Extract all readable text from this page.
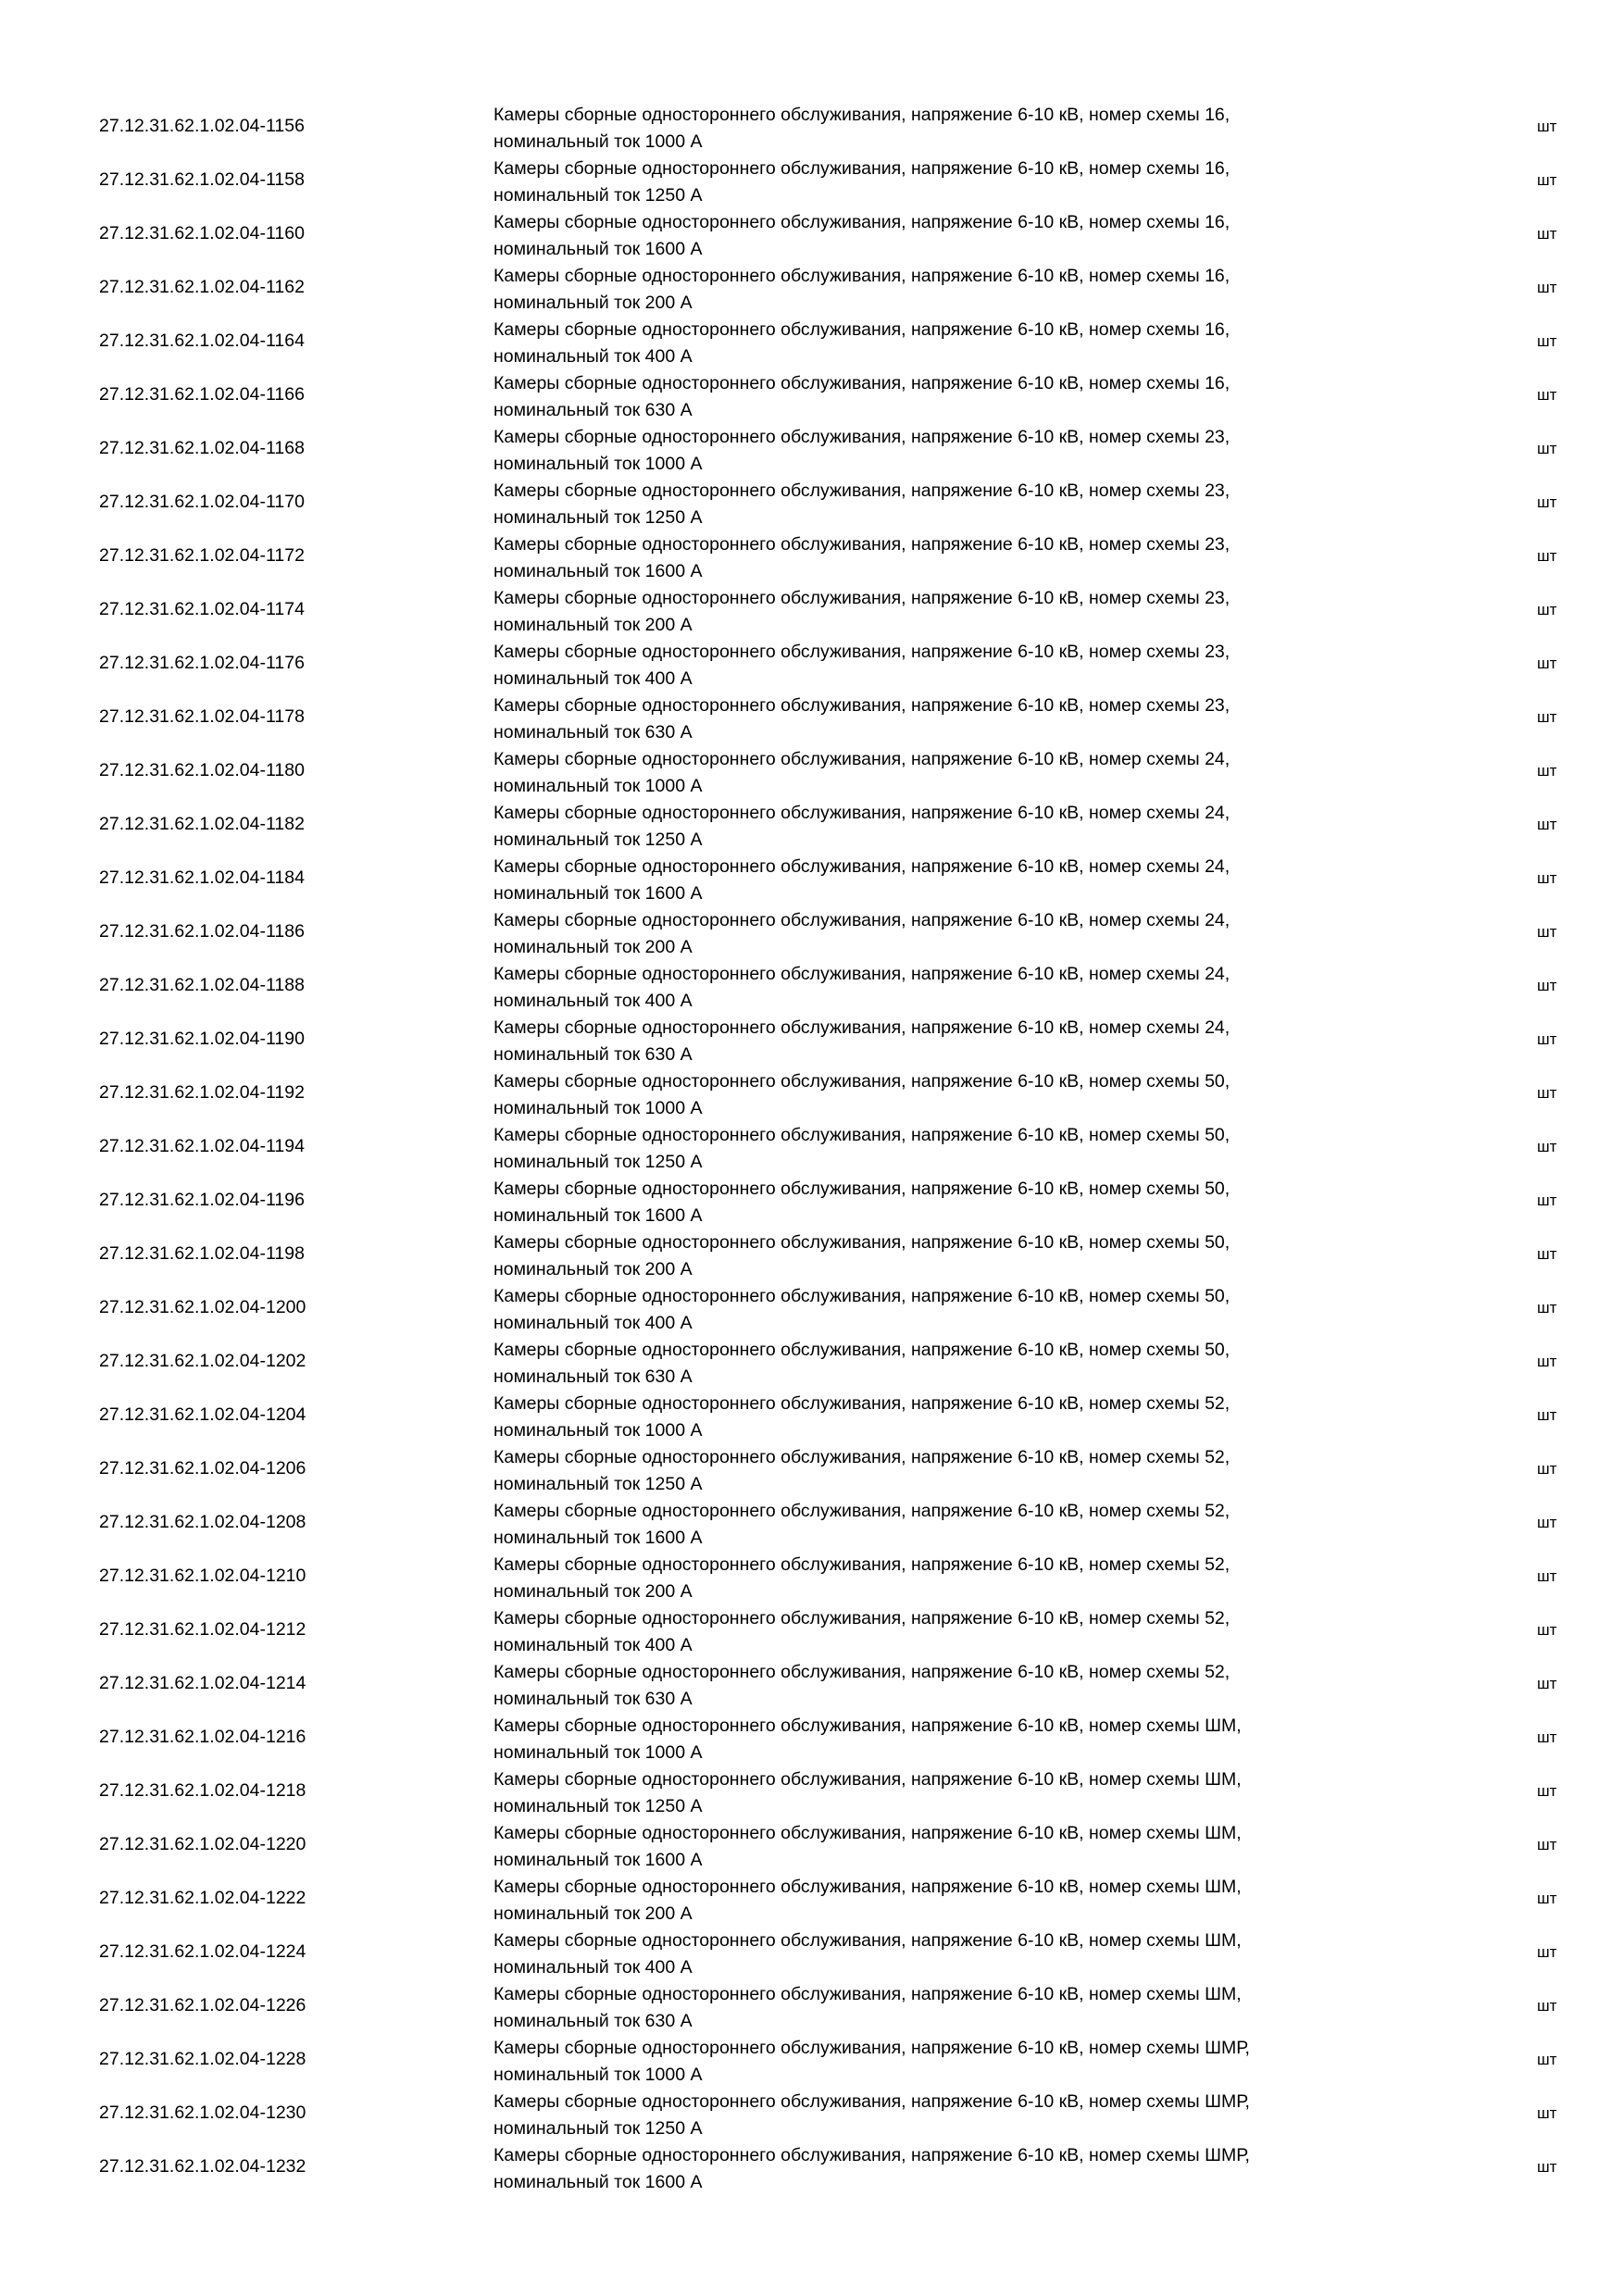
27.12.31.62.1.02.04-1156
Камеры сборные одностороннего обслуживания, напряжение 6-10 кВ, номер схемы 16,
номинальный ток 1000 А
шт
27.12.31.62.1.02.04-1158
Камеры сборные одностороннего обслуживания, напряжение 6-10 кВ, номер схемы 16,
номинальный ток 1250 А
шт
27.12.31.62.1.02.04-1160
Камеры сборные одностороннего обслуживания, напряжение 6-10 кВ, номер схемы 16,
номинальный ток 1600 А
шт
27.12.31.62.1.02.04-1162
Камеры сборные одностороннего обслуживания, напряжение 6-10 кВ, номер схемы 16,
номинальный ток 200 А
шт
27.12.31.62.1.02.04-1164
Камеры сборные одностороннего обслуживания, напряжение 6-10 кВ, номер схемы 16,
номинальный ток 400 А
шт
27.12.31.62.1.02.04-1166
Камеры сборные одностороннего обслуживания, напряжение 6-10 кВ, номер схемы 16,
номинальный ток 630 А
шт
27.12.31.62.1.02.04-1168
Камеры сборные одностороннего обслуживания, напряжение 6-10 кВ, номер схемы 23,
номинальный ток 1000 А
шт
27.12.31.62.1.02.04-1170
Камеры сборные одностороннего обслуживания, напряжение 6-10 кВ, номер схемы 23,
номинальный ток 1250 А
шт
27.12.31.62.1.02.04-1172
Камеры сборные одностороннего обслуживания, напряжение 6-10 кВ, номер схемы 23,
номинальный ток 1600 А
шт
27.12.31.62.1.02.04-1174
Камеры сборные одностороннего обслуживания, напряжение 6-10 кВ, номер схемы 23,
номинальный ток 200 А
шт
27.12.31.62.1.02.04-1176
Камеры сборные одностороннего обслуживания, напряжение 6-10 кВ, номер схемы 23,
номинальный ток 400 А
шт
27.12.31.62.1.02.04-1178
Камеры сборные одностороннего обслуживания, напряжение 6-10 кВ, номер схемы 23,
номинальный ток 630 А
шт
27.12.31.62.1.02.04-1180
Камеры сборные одностороннего обслуживания, напряжение 6-10 кВ, номер схемы 24,
номинальный ток 1000 А
шт
27.12.31.62.1.02.04-1182
Камеры сборные одностороннего обслуживания, напряжение 6-10 кВ, номер схемы 24,
номинальный ток 1250 А
шт
27.12.31.62.1.02.04-1184
Камеры сборные одностороннего обслуживания, напряжение 6-10 кВ, номер схемы 24,
номинальный ток 1600 А
шт
27.12.31.62.1.02.04-1186
Камеры сборные одностороннего обслуживания, напряжение 6-10 кВ, номер схемы 24,
номинальный ток 200 А
шт
27.12.31.62.1.02.04-1188
Камеры сборные одностороннего обслуживания, напряжение 6-10 кВ, номер схемы 24,
номинальный ток 400 А
шт
27.12.31.62.1.02.04-1190
Камеры сборные одностороннего обслуживания, напряжение 6-10 кВ, номер схемы 24,
номинальный ток 630 А
шт
27.12.31.62.1.02.04-1192
Камеры сборные одностороннего обслуживания, напряжение 6-10 кВ, номер схемы 50,
номинальный ток 1000 А
шт
27.12.31.62.1.02.04-1194
Камеры сборные одностороннего обслуживания, напряжение 6-10 кВ, номер схемы 50,
номинальный ток 1250 А
шт
27.12.31.62.1.02.04-1196
Камеры сборные одностороннего обслуживания, напряжение 6-10 кВ, номер схемы 50,
номинальный ток 1600 А
шт
27.12.31.62.1.02.04-1198
Камеры сборные одностороннего обслуживания, напряжение 6-10 кВ, номер схемы 50,
номинальный ток 200 А
шт
27.12.31.62.1.02.04-1200
Камеры сборные одностороннего обслуживания, напряжение 6-10 кВ, номер схемы 50,
номинальный ток 400 А
шт
27.12.31.62.1.02.04-1202
Камеры сборные одностороннего обслуживания, напряжение 6-10 кВ, номер схемы 50,
номинальный ток 630 А
шт
27.12.31.62.1.02.04-1204
Камеры сборные одностороннего обслуживания, напряжение 6-10 кВ, номер схемы 52,
номинальный ток 1000 А
шт
27.12.31.62.1.02.04-1206
Камеры сборные одностороннего обслуживания, напряжение 6-10 кВ, номер схемы 52,
номинальный ток 1250 А
шт
27.12.31.62.1.02.04-1208
Камеры сборные одностороннего обслуживания, напряжение 6-10 кВ, номер схемы 52,
номинальный ток 1600 А
шт
27.12.31.62.1.02.04-1210
Камеры сборные одностороннего обслуживания, напряжение 6-10 кВ, номер схемы 52,
номинальный ток 200 А
шт
27.12.31.62.1.02.04-1212
Камеры сборные одностороннего обслуживания, напряжение 6-10 кВ, номер схемы 52,
номинальный ток 400 А
шт
27.12.31.62.1.02.04-1214
Камеры сборные одностороннего обслуживания, напряжение 6-10 кВ, номер схемы 52,
номинальный ток 630 А
шт
27.12.31.62.1.02.04-1216
Камеры сборные одностороннего обслуживания, напряжение 6-10 кВ, номер схемы ШМ,
номинальный ток 1000 А
шт
27.12.31.62.1.02.04-1218
Камеры сборные одностороннего обслуживания, напряжение 6-10 кВ, номер схемы ШМ,
номинальный ток 1250 А
шт
27.12.31.62.1.02.04-1220
Камеры сборные одностороннего обслуживания, напряжение 6-10 кВ, номер схемы ШМ,
номинальный ток 1600 А
шт
27.12.31.62.1.02.04-1222
Камеры сборные одностороннего обслуживания, напряжение 6-10 кВ, номер схемы ШМ,
номинальный ток 200 А
шт
27.12.31.62.1.02.04-1224
Камеры сборные одностороннего обслуживания, напряжение 6-10 кВ, номер схемы ШМ,
номинальный ток 400 А
шт
27.12.31.62.1.02.04-1226
Камеры сборные одностороннего обслуживания, напряжение 6-10 кВ, номер схемы ШМ,
номинальный ток 630 А
шт
27.12.31.62.1.02.04-1228
Камеры сборные одностороннего обслуживания, напряжение 6-10 кВ, номер схемы ШМР,
номинальный ток 1000 А
шт
27.12.31.62.1.02.04-1230
Камеры сборные одностороннего обслуживания, напряжение 6-10 кВ, номер схемы ШМР,
номинальный ток 1250 А
шт
27.12.31.62.1.02.04-1232
Камеры сборные одностороннего обслуживания, напряжение 6-10 кВ, номер схемы ШМР,
номинальный ток 1600 А
шт
